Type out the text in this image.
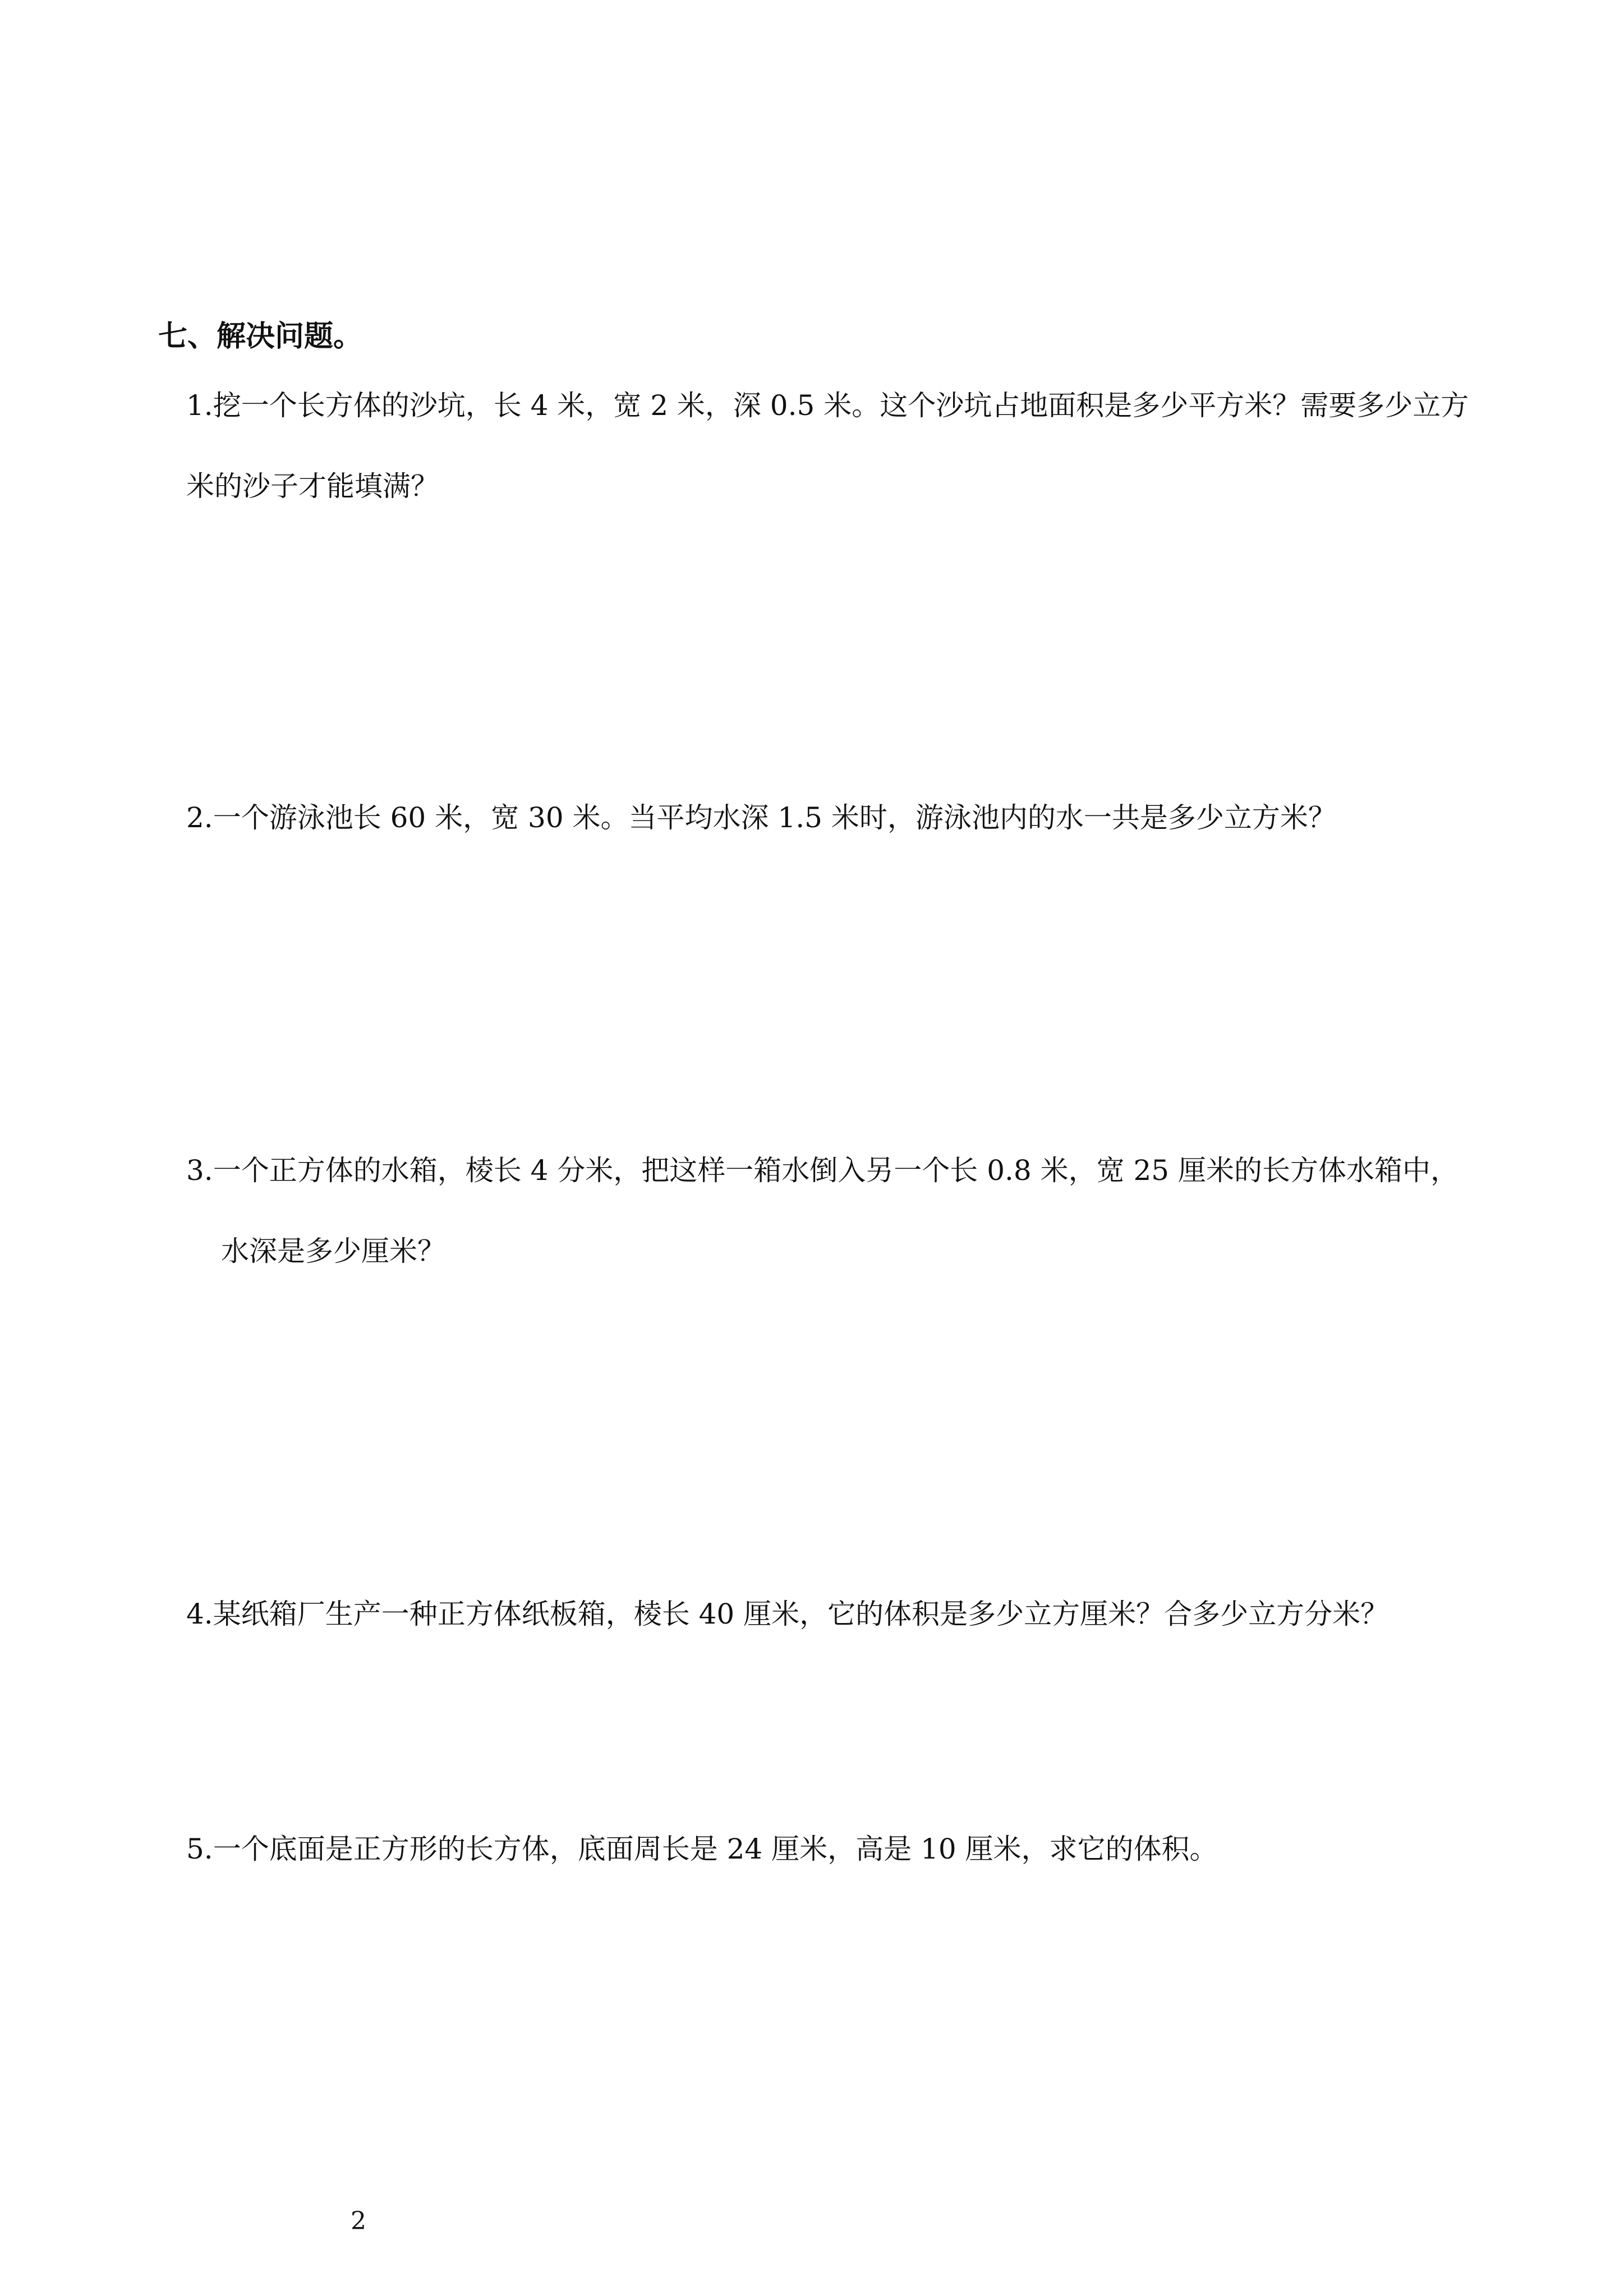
七、解决问题。
1.挖一个长方体的沙坑，长 4 米，宽 2 米，深 0.5 米。这个沙坑占地面积是多少平方米？需要多少立方
米的沙子才能填满？
2.一个游泳池长 60 米，宽 30 米。当平均水深 1.5 米时，游泳池内的水一共是多少立方米？
3.一个正方体的水箱，棱长 4 分米，把这样一箱水倒入另一个长 0.8 米，宽 25 厘米的长方体水箱中，
水深是多少厘米？
4.某纸箱厂生产一种正方体纸板箱，棱长 40 厘米，它的体积是多少立方厘米？合多少立方分米？
5.一个底面是正方形的长方体，底面周长是 24 厘米，高是 10 厘米，求它的体积。
2
